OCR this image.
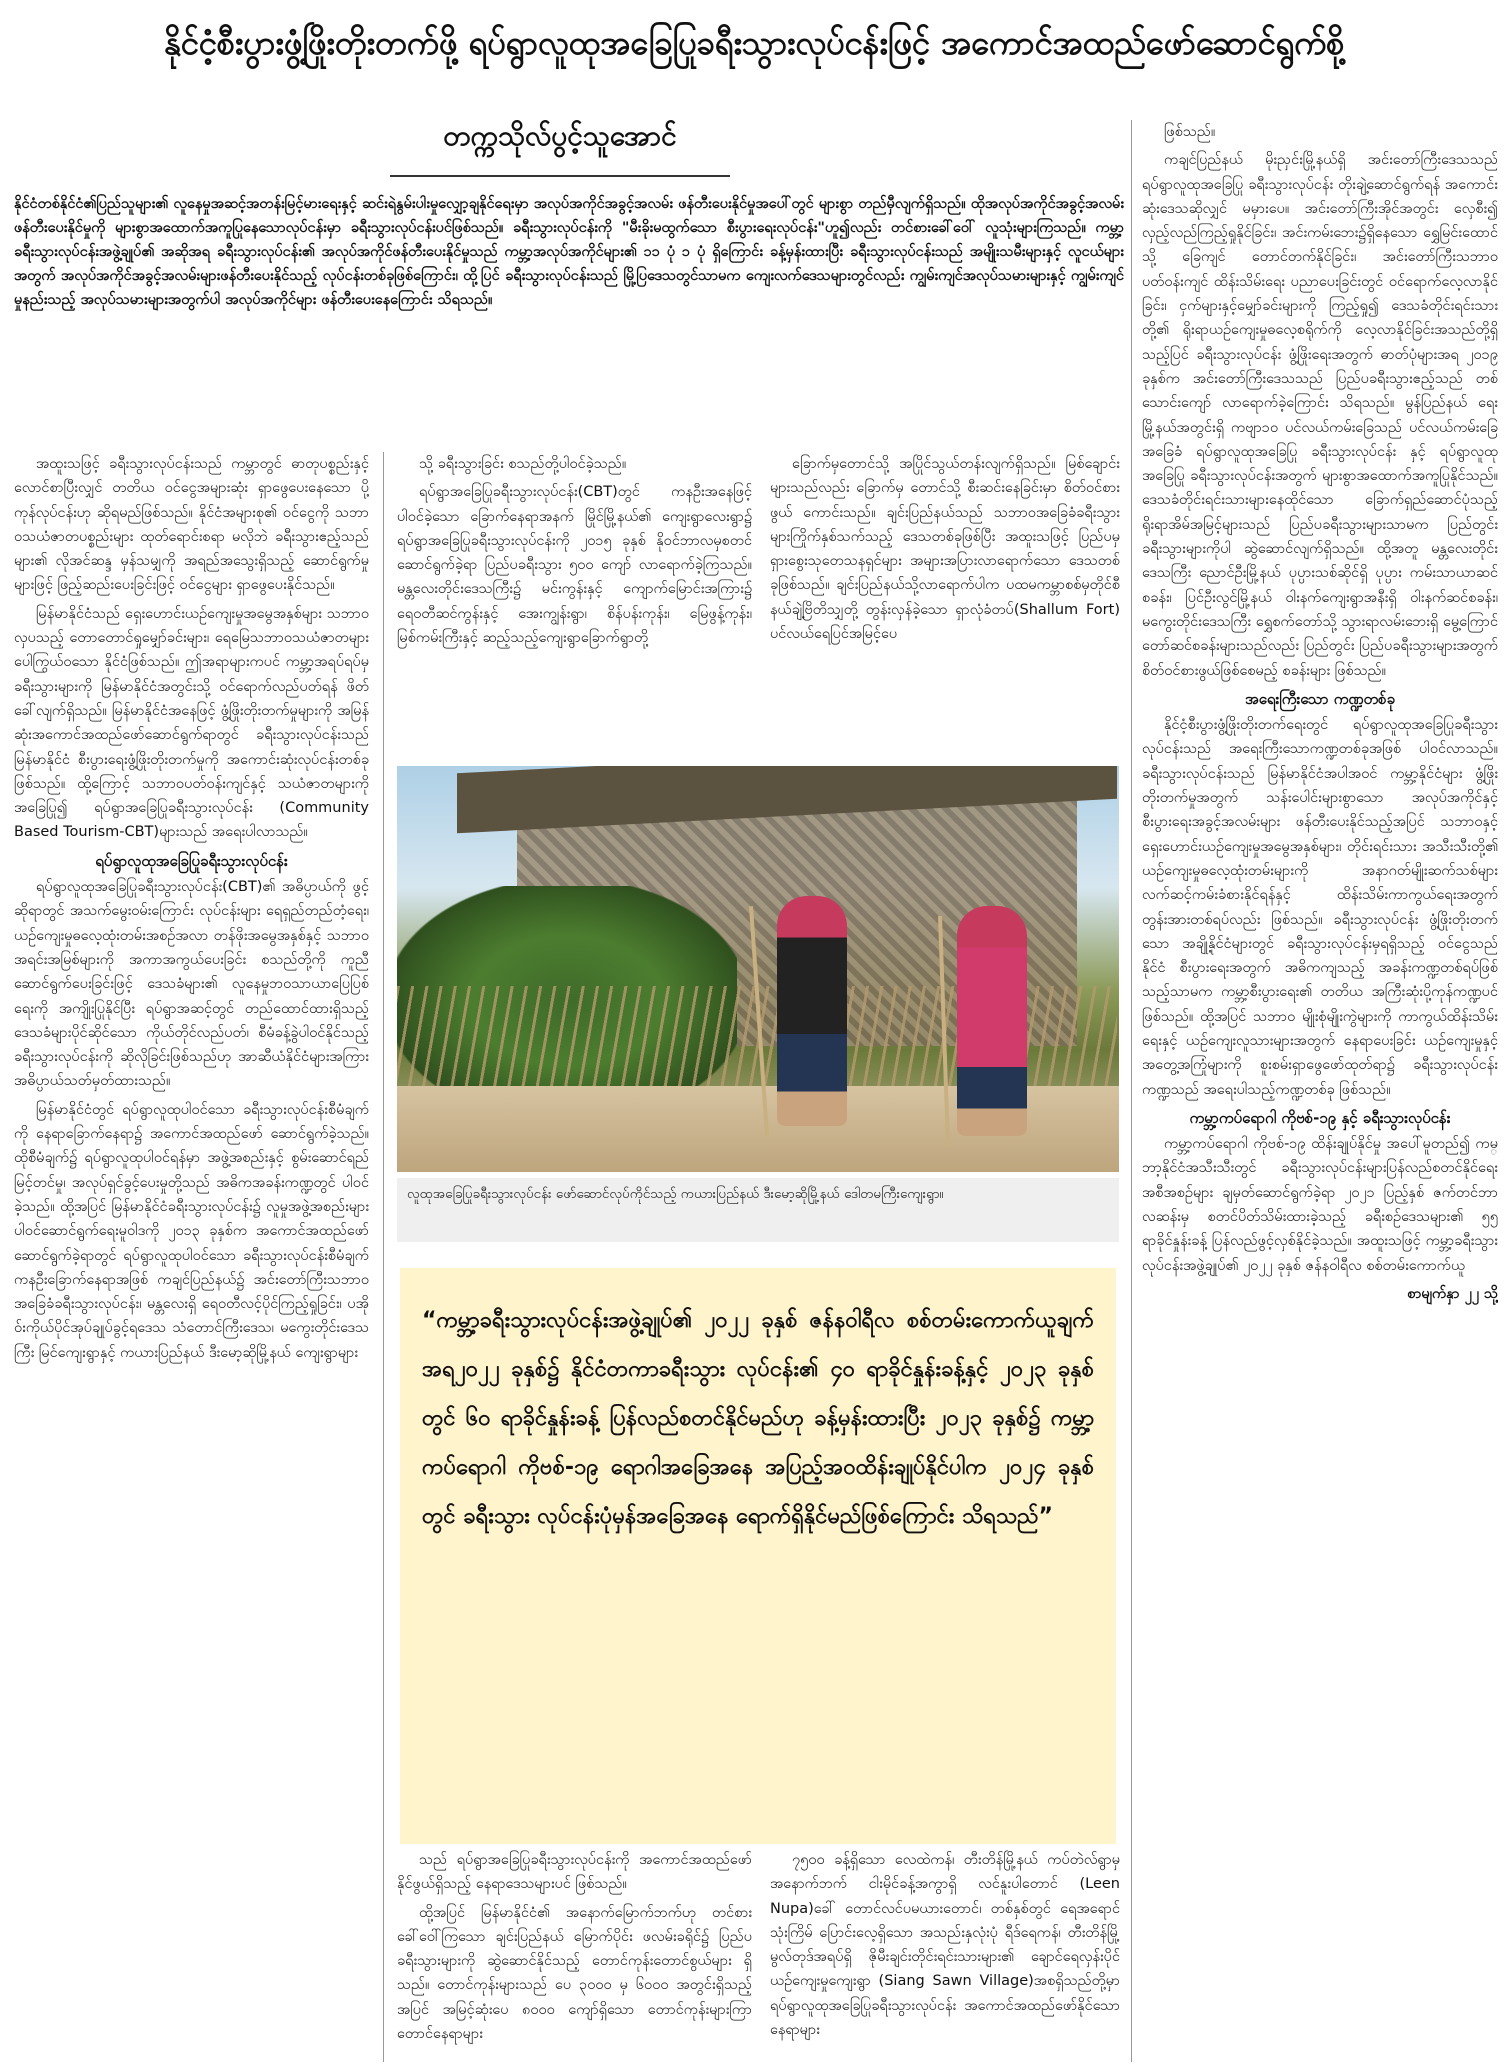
နိုင်ငံ့စီးပွားဖွံ့ဖြိုးတိုးတက်ဖို့ ရပ်ရွာလူထုအခြေပြုခရီးသွားလုပ်ငန်းဖြင့် အကောင်အထည်ဖော်ဆောင်ရွက်စို့
တက္ကသိုလ်ပွင့်သူအောင်
နိုင်ငံတစ်နိုင်ငံ၏ပြည်သူများ၏ လူနေမှုအဆင့်အတန်းမြင့်မားရေးနှင့် ဆင်းရဲနွမ်းပါးမှုလျှော့ချနိုင်ရေးမှာ အလုပ်အကိုင်အခွင့်အလမ်း ဖန်တီးပေးနိုင်မှုအပေါ်တွင် များစွာ တည်မှီလျက်ရှိသည်။ ထိုအလုပ်အကိုင်အခွင့်အလမ်း ဖန်တီးပေးနိုင်မှုကို များစွာအထောက်အကူပြုနေသောလုပ်ငန်းမှာ ခရီးသွားလုပ်ငန်းပင်ဖြစ်သည်။ ခရီးသွားလုပ်ငန်းကို "မီးခိုးမထွက်သော စီးပွားရေးလုပ်ငန်း"ဟူ၍လည်း တင်စားခေါ်ဝေါ် လူသုံးများကြသည်။ ကမ္ဘာ့ခရီးသွားလုပ်ငန်းအဖွဲ့ချုပ်၏ အဆိုအရ ခရီးသွားလုပ်ငန်း၏ အလုပ်အကိုင်ဖန်တီးပေးနိုင်မှုသည် ကမ္ဘာ့အလုပ်အကိုင်များ၏ ၁၁ ပုံ ၁ ပုံ ရှိကြောင်း ခန့်မှန်းထားပြီး ခရီးသွားလုပ်ငန်းသည် အမျိုးသမီးများနှင့် လူငယ်များအတွက် အလုပ်အကိုင်အခွင့်အလမ်းများဖန်တီးပေးနိုင်သည့် လုပ်ငန်းတစ်ခုဖြစ်ကြောင်း၊ ထို့ပြင် ခရီးသွားလုပ်ငန်းသည် မြို့ပြဒေသတွင်သာမက ကျေးလက်ဒေသများတွင်လည်း ကျွမ်းကျင်အလုပ်သမားများနှင့် ကျွမ်းကျင်မှုနည်းသည့် အလုပ်သမားများအတွက်ပါ အလုပ်အကိုင်များ ဖန်တီးပေးနေကြောင်း သိရသည်။

အထူးသဖြင့် ခရီးသွားလုပ်ငန်းသည် ကမ္ဘာတွင် ဓာတုပစ္စည်းနှင့်လောင်စာပြီးလျှင် တတိယ ဝင်ငွေအများဆုံး ရှာဖွေပေးနေသော ပို့ကုန်လုပ်ငန်းဟု ဆိုရမည်ဖြစ်သည်။ နိုင်ငံအများစု၏ ဝင်ငွေကို သဘာဝသယံဇာတပစ္စည်းများ ထုတ်ရောင်းစရာ မလိုဘဲ ခရီးသွားဧည့်သည်များ၏ လိုအင်ဆန္ဒ မှန်သမျှကို အရည်အသွေးရှိသည့် ဆောင်ရွက်မှုများဖြင့် ဖြည့်ဆည်းပေးခြင်းဖြင့် ဝင်ငွေများ ရှာဖွေပေးနိုင်သည်။

မြန်မာနိုင်ငံသည် ရှေးဟောင်းယဉ်ကျေးမှုအမွေအနှစ်များ သဘာဝလှပသည့် တောတောင်ရှုမျှော်ခင်းများ၊ ရေမြေသဘာဝသယံဇာတများ ပေါကြွယ်ဝသော နိုင်ငံဖြစ်သည်။ ဤအရာများကပင် ကမ္ဘာ့အရပ်ရပ်မှ ခရီးသွားများကို မြန်မာနိုင်ငံအတွင်းသို့ ဝင်ရောက်လည်ပတ်ရန် ဖိတ်ခေါ်လျက်ရှိသည်။ မြန်မာနိုင်ငံအနေဖြင့် ဖွံ့ဖြိုးတိုးတက်မှုများကို အမြန်ဆုံးအကောင်အထည်ဖော်ဆောင်ရွက်ရာတွင် ခရီးသွားလုပ်ငန်းသည် မြန်မာနိုင်ငံ စီးပွားရေးဖွံ့ဖြိုးတိုးတက်မှုကို အကောင်းဆုံးလုပ်ငန်းတစ်ခုဖြစ်သည်။ ထို့ကြောင့် သဘာဝပတ်ဝန်းကျင်နှင့် သယံဇာတများကို အခြေပြု၍ ရပ်ရွာအခြေပြုခရီးသွားလုပ်ငန်း (Community Based Tourism-CBT)များသည် အရေးပါလာသည်။

ရပ်ရွာလူထုအခြေပြုခရီးသွားလုပ်ငန်း

ရပ်ရွာလူထုအခြေပြုခရီးသွားလုပ်ငန်း(CBT)၏ အဓိပ္ပာယ်ကို ဖွင့်ဆိုရာတွင် အသက်မွေးဝမ်းကြောင်း လုပ်ငန်းများ ရေရှည်တည်တံ့ရေး၊ ယဉ်ကျေးမှုဓလေ့ထုံးတမ်းအစဉ်အလာ တန်ဖိုးအမွေအနှစ်နှင့် သဘာဝအရင်းအမြစ်များကို အကာအကွယ်ပေးခြင်း စသည်တို့ကို ကူညီဆောင်ရွက်ပေးခြင်းဖြင့် ဒေသခံများ၏ လူနေမှုဘဝသာယာပြေပြစ်ရေးကို အကျိုးပြုနိုင်ပြီး ရပ်ရွာအဆင့်တွင် တည်ထောင်ထားရှိသည့် ဒေသခံများပိုင်ဆိုင်သော ကိုယ်တိုင်လည်ပတ်၊ စီမံခန့်ခွဲပါဝင်နိုင်သည့် ခရီးသွားလုပ်ငန်းကို ဆိုလိုခြင်းဖြစ်သည်ဟု အာဆီယံနိုင်ငံများအကြား အဓိပ္ပာယ်သတ်မှတ်ထားသည်။

မြန်မာနိုင်ငံတွင် ရပ်ရွာလူထုပါဝင်သော ခရီးသွားလုပ်ငန်းစီမံချက်ကို နေရာခြောက်နေရာ၌ အကောင်အထည်ဖော် ဆောင်ရွက်ခဲ့သည်။ ထိုစီမံချက်၌ ရပ်ရွာလူထုပါဝင်ရန်မှာ အဖွဲ့အစည်းနှင့် စွမ်းဆောင်ရည်မြင့်တင်မှု၊ အလုပ်ရှင်ခွင့်ပေးမှုတို့သည် အဓိကအခန်းကဏ္ဍတွင် ပါဝင်ခဲ့သည်။ ထို့အပြင် မြန်မာနိုင်ငံခရီးသွားလုပ်ငန်း၌ လူမှုအဖွဲ့အစည်းများ ပါဝင်ဆောင်ရွက်ရေးမူဝါဒကို ၂၀၁၃ ခုနှစ်က အကောင်အထည်ဖော်ဆောင်ရွက်ခဲ့ရာတွင် ရပ်ရွာလူထုပါဝင်သော ခရီးသွားလုပ်ငန်းစီမံချက် ကနဦးခြောက်နေရာအဖြစ် ကချင်ပြည်နယ်၌ အင်းတော်ကြီးသဘာဝအခြေခံခရီးသွားလုပ်ငန်း၊ မန္တလေးရှိ ရေဝတီလင့်ပိုင်ကြည့်ရှုခြင်း၊ ပအိုဝ်းကိုယ်ပိုင်အုပ်ချုပ်ခွင့်ရဒေသ သံတောင်ကြီးဒေသ၊ မကွေးတိုင်းဒေသကြီး မြင်ကျေးရွာနှင့် ကယားပြည်နယ် ဒီးမော့ဆိုမြို့နယ် ကျေးရွာများ

သို့ ခရီးသွားခြင်း စသည်တို့ပါဝင်ခဲ့သည်။

ရပ်ရွာအခြေပြုခရီးသွားလုပ်ငန်း(CBT)တွင် ကနဦးအနေဖြင့် ပါဝင်ခဲ့သော ခြောက်နေရာအနက် မြိုင်မြို့နယ်၏ ကျေးရွာလေးရွာ၌ ရပ်ရွာအခြေပြုခရီးသွားလုပ်ငန်းကို ၂၀၁၅ ခုနှစ် နိုဝင်ဘာလမှစတင်ဆောင်ရွက်ခဲ့ရာ ပြည်ပခရီးသွား ၅၀၀ ကျော် လာရောက်ခဲ့ကြသည်။ မန္တလေးတိုင်းဒေသကြီး၌ မင်းကွန်းနှင့် ကျောက်မြောင်းအကြား၌ ရေဝတီဆင်ကွန်းနှင့် အေးကျွန်းရွာ၊ စိန်ပန်းကုန်း၊ မြေဖွန့်ကုန်း၊ မြစ်ကမ်းကြီးနှင့် ဆည့်သည့်ကျေးရွာခြောက်ရွာတို့

ခြောက်မှတောင်သို့ အပြိုင်သွယ်တန်းလျက်ရှိသည်။ မြစ်ချောင်းများသည်လည်း ခြောက်မှ တောင်သို့ စီးဆင်းနေခြင်းမှာ စိတ်ဝင်စားဖွယ် ကောင်းသည်။ ချင်းပြည်နယ်သည် သဘာဝအခြေခံခရီးသွားများကြိုက်နှစ်သက်သည့် ဒေသတစ်ခုဖြစ်ပြီး အထူးသဖြင့် ပြည်ပမှ ရှားစွေးသုတေသနရှင်များ အများအပြားလာရောက်သော ဒေသတစ်ခုဖြစ်သည်။ ချင်းပြည်နယ်သို့လာရောက်ပါက ပထမကမ္ဘာစစ်မှတိုင်စီ နယ်ချဲ့ဗြိတိသျှတို့ တွန်းလှန်ခဲ့သော ရှာလုံခံတပ်(Shallum Fort) ပင်လယ်ရေပြင်အမြင့်ပေ

လူထုအခြေပြုခရီးသွားလုပ်ငန်း ဖော်ဆောင်လုပ်ကိုင်သည့် ကယားပြည်နယ် ဒီးမော့ဆိုမြို့နယ် ဒေါတမကြီးကျေးရွာ။
“ကမ္ဘာ့ခရီးသွားလုပ်ငန်းအဖွဲ့ချုပ်၏ ၂၀၂၂ ခုနှစ် ဇန်နဝါရီလ စစ်တမ်းကောက်ယူချက်အရ၂၀၂၂ ခုနှစ်၌ နိုင်ငံတကာခရီးသွား လုပ်ငန်း၏ ၄၀ ရာခိုင်နှုန်းခန့်နှင့် ၂၀၂၃ ခုနှစ်တွင် ၆၀ ရာခိုင်နှုန်းခန့် ပြန်လည်စတင်နိုင်မည်ဟု ခန့်မှန်းထားပြီး ၂၀၂၃ ခုနှစ်၌ ကမ္ဘာ့ကပ်ရောဂါ ကိုဗစ်-၁၉ ရောဂါအခြေအနေ အပြည့်အဝထိန်းချုပ်နိုင်ပါက ၂၀၂၄ ခုနှစ်တွင် ခရီးသွား လုပ်ငန်းပုံမှန်အခြေအနေ ရောက်ရှိနိုင်မည်ဖြစ်ကြောင်း သိရသည်”

သည် ရပ်ရွာအခြေပြုခရီးသွားလုပ်ငန်းကို အကောင်အထည်ဖော်နိုင်ဖွယ်ရှိသည့် နေရာဒေသများပင် ဖြစ်သည်။

ထို့အပြင် မြန်မာနိုင်ငံ၏ အနောက်မြောက်ဘက်ဟု တင်စားခေါ်ဝေါ်ကြသော ချင်းပြည်နယ် မြောက်ပိုင်း ဖလမ်းခရိုင်၌ ပြည်ပခရီးသွားများကို ဆွဲဆောင်နိုင်သည့် တောင်ကုန်းတောင်စွယ်များ ရှိသည်။ တောင်ကုန်းများသည် ပေ ၃၀၀၀ မှ ၆၀၀၀ အတွင်းရှိသည့်အပြင် အမြင့်ဆုံးပေ ၈၀၀၀ ကျော်ရှိသော တောင်ကုန်းများကြာ တောင်နေရာများ

၇၅၀၀ ခန့်ရှိသော လေထဲကန်၊ တီးတိန်မြို့နယ် ကပ်တဲလ်ရွာမှ အနောက်ဘက် ငါးမိုင်ခန့်အကွာရှိ လင်နူးပါတောင် (Leen Nupa)ခေါ် တောင်လင်ပမယားတောင်၊ တစ်နှစ်တွင် ရေအရောင်သုံးကြိမ် ပြောင်းလေ့ရှိသော အသည်းနှလုံးပုံ ရီဒ်ရေကန်၊ တီးတိန်မြို့ မွလ်တုဒ်အရပ်ရှိ ဇိုမီးချင်းတိုင်းရင်းသားများ၏ ချောင်ရေလှန်းပိုင် ယဉ်ကျေးမှုကျေးရွာ (Siang Sawn Village)အစရှိသည်တို့မှာ ရပ်ရွာလူထုအခြေပြုခရီးသွားလုပ်ငန်း အကောင်အထည်ဖော်နိုင်သော နေရာများ

ဖြစ်သည်။

ကချင်ပြည်နယ် မိုးညှင်းမြို့နယ်ရှိ အင်းတော်ကြီးဒေသသည် ရပ်ရွာလူထုအခြေပြု ခရီးသွားလုပ်ငန်း တိုးချဲ့ဆောင်ရွက်ရန် အကောင်းဆုံးဒေသဆိုလျှင် မမှားပေ။ အင်းတော်ကြီးအိုင်အတွင်း လှေစီး၍ လှည့်လည်ကြည့်ရှုနိုင်ခြင်း၊ အင်းကမ်းဘေး၌ရှိနေသော ရွှေမြင်းထောင်သို့ ခြေကျင် တောင်တက်နိုင်ခြင်း၊ အင်းတော်ကြီးသဘာဝပတ်ဝန်းကျင် ထိန်းသိမ်းရေး ပညာပေးခြင်းတွင် ဝင်ရောက်လေ့လာနိုင်ခြင်း၊ ငှက်များနှင့်မျှော်ခင်းများကို ကြည့်ရှု၍ ဒေသခံတိုင်းရင်းသားတို့၏ ရိုးရာယဉ်ကျေးမှုဓလေ့စရိုက်ကို လေ့လာနိုင်ခြင်းအသည်တို့ရှိသည့်ပြင် ခရီးသွားလုပ်ငန်း ဖွံ့ဖြိုးရေးအတွက် ဓာတ်ပုံများအရ ၂၀၁၉ ခုနှစ်က အင်းတော်ကြီးဒေသသည် ပြည်ပခရီးသွားဧည့်သည် တစ်သောင်းကျော် လာရောက်ခဲ့ကြောင်း သိရသည်။ မွန်ပြည်နယ် ရေးမြို့နယ်အတွင်းရှိ ကဗျာ၁၀ ပင်လယ်ကမ်းခြေသည် ပင်လယ်ကမ်းခြေအခြေခံ ရပ်ရွာလူထုအခြေပြု ခရီးသွားလုပ်ငန်း နှင့် ရပ်ရွာလူထုအခြေပြု ခရီးသွားလုပ်ငန်းအတွက် များစွာအထောက်အကူပြုနိုင်သည်။ ဒေသခံတိုင်းရင်းသားများနေထိုင်သော ခြောက်ရှည်ဆောင်ပုံသည့် ရိုးရာအိမ်အမြင့်များသည် ပြည်ပခရီးသွားများသာမက ပြည်တွင်းခရီးသွားများကိုပါ ဆွဲဆောင်လျက်ရှိသည်။ ထို့အတူ မန္တလေးတိုင်းဒေသကြီး ညောင်ဦးမြို့နယ် ပုပ္ပားသစ်ဆိုင်ရှိ ပုပ္ပား ကမ်းသာယာဆင်စခန်း၊ ပြင်ဦးလွင်မြို့နယ် ဝါးနက်ကျေးရွာအနီးရှိ ဝါးနက်ဆင်စခန်း၊ မကွေးတိုင်းဒေသကြီး ရွှေစက်တော်သို့ သွားရာလမ်းဘေးရှိ မွေ့ကြောင်တော်ဆင်စခန်းများသည်လည်း ပြည်တွင်း ပြည်ပခရီးသွားများအတွက် စိတ်ဝင်စားဖွယ်ဖြစ်စေမည့် စခန်းများ ဖြစ်သည်။

အရေးကြီးသော ကဏ္ဍတစ်ခု

နိုင်ငံ့စီးပွားဖွံ့ဖြိုးတိုးတက်ရေးတွင် ရပ်ရွာလူထုအခြေပြုခရီးသွားလုပ်ငန်းသည် အရေးကြီးသောကဏ္ဍတစ်ခုအဖြစ် ပါဝင်လာသည်။ ခရီးသွားလုပ်ငန်းသည် မြန်မာနိုင်ငံအပါအဝင် ကမ္ဘာ့နိုင်ငံများ ဖွံ့ဖြိုးတိုးတက်မှုအတွက် သန်းပေါင်းများစွာသော အလုပ်အကိုင်နှင့် စီးပွားရေးအခွင့်အလမ်းများ ဖန်တီးပေးနိုင်သည့်အပြင် သဘာဝနှင့် ရှေးဟောင်းယဉ်ကျေးမှုအမွေအနှစ်များ၊ တိုင်းရင်းသား အသီးသီးတို့၏ ယဉ်ကျေးမှုဓလေ့ထုံးတမ်းများကို အနာဂတ်မျိုးဆက်သစ်များ လက်ဆင့်ကမ်းခံစားနိုင်ရန်နှင့် ထိန်းသိမ်းကာကွယ်ရေးအတွက် တွန်းအားတစ်ရပ်လည်း ဖြစ်သည်။ ခရီးသွားလုပ်ငန်း ဖွံ့ဖြိုးတိုးတက်သော အချို့နိုင်ငံများတွင် ခရီးသွားလုပ်ငန်းမှရရှိသည့် ဝင်ငွေသည် နိုင်ငံ စီးပွားရေးအတွက် အဓိကကျသည့် အခန်းကဏ္ဍတစ်ရပ်ဖြစ်သည့်သာမက ကမ္ဘာ့စီးပွားရေး၏ တတိယ အကြီးဆုံးပို့ကုန်ကဏ္ဍပင်ဖြစ်သည်။ ထို့အပြင် သဘာဝ မျိုးစုံမျိုးကွဲများကို ကာကွယ်ထိန်းသိမ်းရေးနှင့် ယဉ်ကျေးလူသားများအတွက် နေရာပေးခြင်း ယဉ်ကျေးမှုနှင့်အတွေ့အကြုံများကို စူးစမ်းရှာဖွေဖော်ထုတ်ရာ၌ ခရီးသွားလုပ်ငန်းကဏ္ဍသည် အရေးပါသည့်ကဏ္ဍတစ်ခု ဖြစ်သည်။

ကမ္ဘာ့ကပ်ရောဂါ ကိုဗစ်-၁၉ နှင့် ခရီးသွားလုပ်ငန်း

ကမ္ဘာ့ကပ်ရောဂါ ကိုဗစ်-၁၉ ထိန်းချုပ်နိုင်မှု အပေါ်မူတည်၍ ကမ္ဘာ့နိုင်ငံအသီးသီးတွင် ခရီးသွားလုပ်ငန်းများပြန်လည်စတင်နိုင်ရေး အစီအစဉ်များ ချမှတ်ဆောင်ရွက်ခဲ့ရာ ၂၀၂၁ ပြည့်နှစ် ဇက်တင်ဘာလဆန်းမှ စတင်ပိတ်သိမ်းထားခဲ့သည့် ခရီးစဉ်ဒေသများ၏ ၅၅ ရာခိုင်နှုန်းခန့် ပြန်လည်ဖွင့်လှစ်နိုင်ခဲ့သည်။ အထူးသဖြင့် ကမ္ဘာ့ခရီးသွားလုပ်ငန်းအဖွဲ့ချုပ်၏ ၂၀၂၂ ခုနှစ် ဇန်နဝါရီလ စစ်တမ်းကောက်ယူ

စာမျက်နှာ ၂၂ သို့
